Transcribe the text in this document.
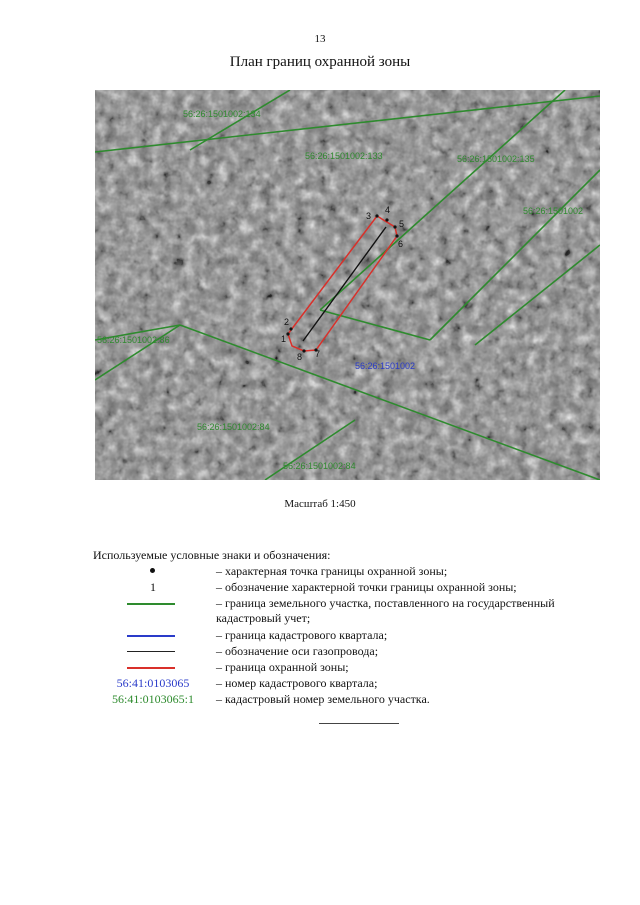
13
План границ охранной зоны
56:26:1501002:134
56:26:1501002:133	56:26:1501002:135
56:26:1501002
56:26:1501002:86
56:26:1501002:84
56:26:1501002:84
56:26:1501002
1
2
3
4
5
6
7
8
Масштаб 1:450
Используемые условные знаки и обозначения:
– характерная точка границы охранной зоны;
1	– обозначение характерной точки границы охранной зоны;
– граница земельного участка, поставленного на государственный кадастровый учет;
– граница кадастрового квартала;
– обозначение оси газопровода;
– граница охранной зоны;
56:41:0103065	– номер кадастрового квартала;
56:41:0103065:1	– кадастровый номер земельного участка.
